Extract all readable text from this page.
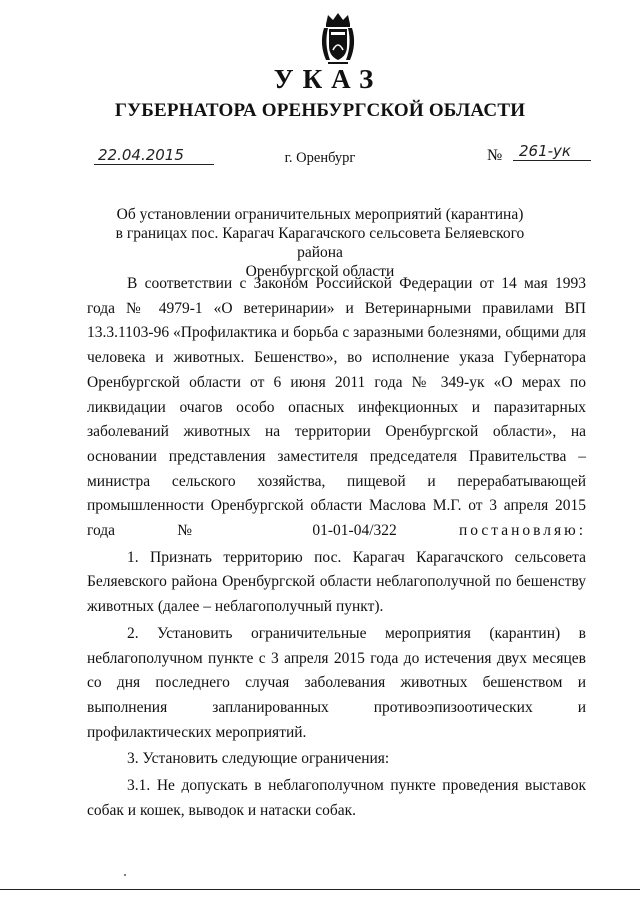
УКАЗ
ГУБЕРНАТОРА ОРЕНБУРГСКОЙ ОБЛАСТИ
22.04.2015	г. Оренбург	№	261-ук
Об установлении ограничительных мероприятий (карантина)
в границах пос. Карагач Карагачского сельсовета Беляевского района
Оренбургской области

В соответствии с Законом Российской Федерации от 14 мая 1993 года № 4979-1 «О ветеринарии» и Ветеринарными правилами ВП 13.3.1103-96 «Профилактика и борьба с заразными болезнями, общими для человека и животных. Бешенство», во исполнение указа Губернатора Оренбургской области от 6 июня 2011 года № 349-ук «О мерах по ликвидации очагов особо опасных инфекционных и паразитарных заболеваний животных на территории Оренбургской области», на основании представления заместителя председателя Правительства – министра сельского хозяйства, пищевой и перерабатывающей промышленности Оренбургской области Маслова М.Г. от 3 апреля 2015 года № 01-01-04/322	постановляю:

1. Признать территорию пос. Карагач Карагачского сельсовета Беляевского района Оренбургской области неблагополучной по бешенству животных (далее – неблагополучный пункт).

2. Установить ограничительные мероприятия (карантин) в неблагополучном пункте с 3 апреля 2015 года до истечения двух месяцев со дня последнего случая заболевания животных бешенством и выполнения запланированных противоэпизоотических и профилактических мероприятий.

3. Установить следующие ограничения:

3.1. Не допускать в неблагополучном пункте проведения выставок собак и кошек, выводок и натаски собак.
